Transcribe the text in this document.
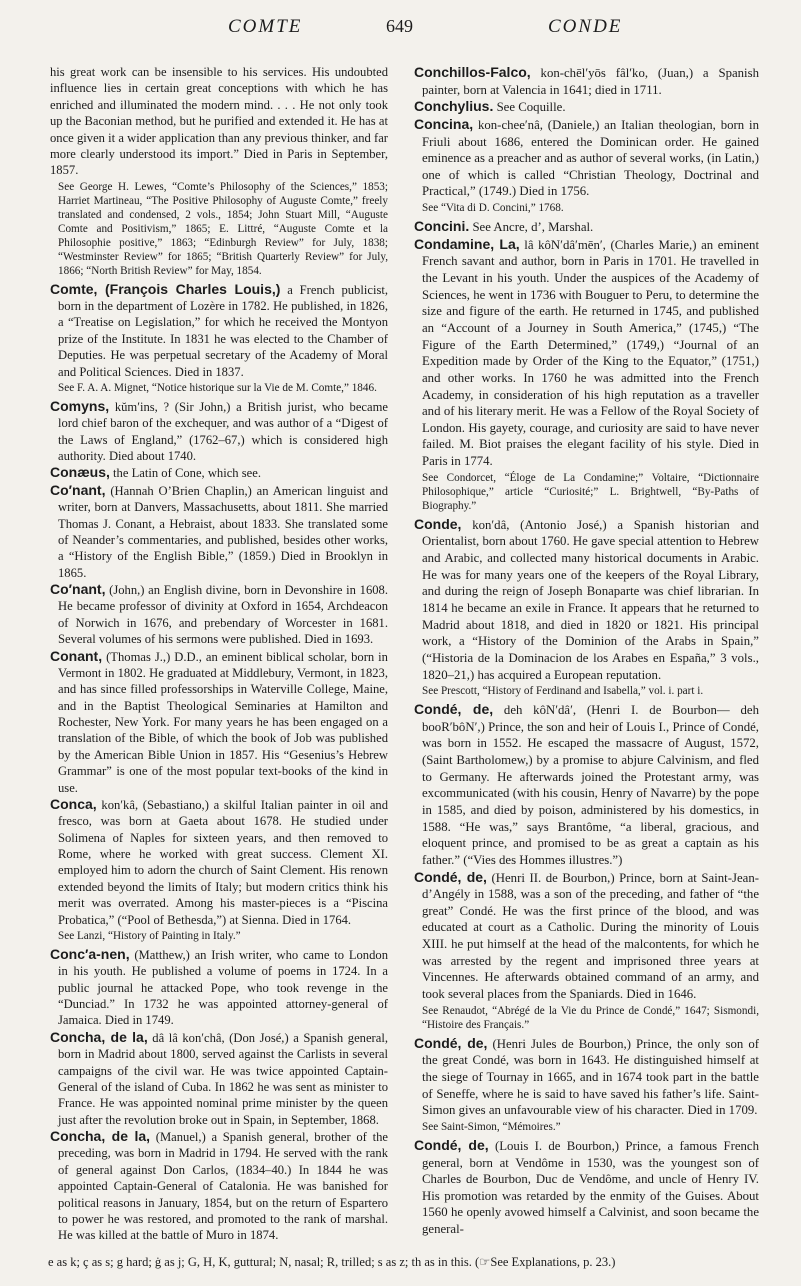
COMTE	649	CONDE

his great work can be insensible to his services. His undoubted influence lies in certain great conceptions with which he has enriched and illuminated the modern mind. . . . He not only took up the Baconian method, but he purified and extended it. He has at once given it a wider application than any previous thinker, and far more clearly understood its import.” Died in Paris in September, 1857.

See George H. Lewes, “Comte’s Philosophy of the Sciences,” 1853; Harriet Martineau, “The Positive Philosophy of Auguste Comte,” freely translated and condensed, 2 vols., 1854; John Stuart Mill, “Auguste Comte and Positivism,” 1865; E. Littré, “Auguste Comte et la Philosophie positive,” 1863; “Edinburgh Review” for July, 1838; “Westminster Review” for 1865; “British Quarterly Review” for July, 1866; “North British Review” for May, 1854.

Comte, (François Charles Louis,) a French publicist, born in the department of Lozère in 1782. He published, in 1826, a “Treatise on Legislation,” for which he received the Montyon prize of the Institute. In 1831 he was elected to the Chamber of Deputies. He was perpetual secretary of the Academy of Moral and Political Sciences. Died in 1837.

See F. A. A. Mignet, “Notice historique sur la Vie de M. Comte,” 1846.

Comyns, kŭm′ins, ? (Sir John,) a British jurist, who became lord chief baron of the exchequer, and was author of a “Digest of the Laws of England,” (1762–67,) which is considered high authority. Died about 1740.

Conæus, the Latin of Cone, which see.

Co′nant, (Hannah O’Brien Chaplin,) an American linguist and writer, born at Danvers, Massachusetts, about 1811. She married Thomas J. Conant, a Hebraist, about 1833. She translated some of Neander’s commentaries, and published, besides other works, a “History of the English Bible,” (1859.) Died in Brooklyn in 1865.

Co′nant, (John,) an English divine, born in Devonshire in 1608. He became professor of divinity at Oxford in 1654, Archdeacon of Norwich in 1676, and prebendary of Worcester in 1681. Several volumes of his sermons were published. Died in 1693.

Conant, (Thomas J.,) D.D., an eminent biblical scholar, born in Vermont in 1802. He graduated at Middlebury, Vermont, in 1823, and has since filled professorships in Waterville College, Maine, and in the Baptist Theological Seminaries at Hamilton and Rochester, New York. For many years he has been engaged on a translation of the Bible, of which the book of Job was published by the American Bible Union in 1857. His “Gesenius’s Hebrew Grammar” is one of the most popular text-books of the kind in use.

Conca, kon′kâ, (Sebastiano,) a skilful Italian painter in oil and fresco, was born at Gaeta about 1678. He studied under Solimena of Naples for sixteen years, and then removed to Rome, where he worked with great success. Clement XI. employed him to adorn the church of Saint Clement. His renown extended beyond the limits of Italy; but modern critics think his merit was overrated. Among his master-pieces is a “Piscina Probatica,” (“Pool of Bethesda,”) at Sienna. Died in 1764.

See Lanzi, “History of Painting in Italy.”

Conc′a-nen, (Matthew,) an Irish writer, who came to London in his youth. He published a volume of poems in 1724. In a public journal he attacked Pope, who took revenge in the “Dunciad.” In 1732 he was appointed attorney-general of Jamaica. Died in 1749.

Concha, de la, dâ lâ kon′châ, (Don José,) a Spanish general, born in Madrid about 1800, served against the Carlists in several campaigns of the civil war. He was twice appointed Captain-General of the island of Cuba. In 1862 he was sent as minister to France. He was appointed nominal prime minister by the queen just after the revolution broke out in Spain, in September, 1868.

Concha, de la, (Manuel,) a Spanish general, brother of the preceding, was born in Madrid in 1794. He served with the rank of general against Don Carlos, (1834–40.) In 1844 he was appointed Captain-General of Catalonia. He was banished for political reasons in January, 1854, but on the return of Espartero to power he was restored, and promoted to the rank of marshal. He was killed at the battle of Muro in 1874.

Conchillos-Falco, kon-chēl′yōs fâl′ko, (Juan,) a Spanish painter, born at Valencia in 1641; died in 1711.

Conchylius. See Coquille.

Concina, kon-chee′nâ, (Daniele,) an Italian theologian, born in Friuli about 1686, entered the Dominican order. He gained eminence as a preacher and as author of several works, (in Latin,) one of which is called “Christian Theology, Doctrinal and Practical,” (1749.) Died in 1756.

See “Vita di D. Concini,” 1768.

Concini. See Ancre, d’, Marshal.

Condamine, La, lâ kôN′dâ′mēn′, (Charles Marie,) an eminent French savant and author, born in Paris in 1701. He travelled in the Levant in his youth. Under the auspices of the Academy of Sciences, he went in 1736 with Bouguer to Peru, to determine the size and figure of the earth. He returned in 1745, and published an “Account of a Journey in South America,” (1745,) “The Figure of the Earth Determined,” (1749,) “Journal of an Expedition made by Order of the King to the Equator,” (1751,) and other works. In 1760 he was admitted into the French Academy, in consideration of his high reputation as a traveller and of his literary merit. He was a Fellow of the Royal Society of London. His gayety, courage, and curiosity are said to have never failed. M. Biot praises the elegant facility of his style. Died in Paris in 1774.

See Condorcet, “Éloge de La Condamine;” Voltaire, “Dictionnaire Philosophique,” article “Curiosité;” L. Brightwell, “By-Paths of Biography.”

Conde, kon′dâ, (Antonio José,) a Spanish historian and Orientalist, born about 1760. He gave special attention to Hebrew and Arabic, and collected many historical documents in Arabic. He was for many years one of the keepers of the Royal Library, and during the reign of Joseph Bonaparte was chief librarian. In 1814 he became an exile in France. It appears that he returned to Madrid about 1818, and died in 1820 or 1821. His principal work, a “History of the Dominion of the Arabs in Spain,” (“Historia de la Dominacion de los Arabes en España,” 3 vols., 1820–21,) has acquired a European reputation.

See Prescott, “History of Ferdinand and Isabella,” vol. i. part i.

Condé, de, deh kôN′dâ′, (Henri I. de Bourbon— deh booR′bôN′,) Prince, the son and heir of Louis I., Prince of Condé, was born in 1552. He escaped the massacre of August, 1572, (Saint Bartholomew,) by a promise to abjure Calvinism, and fled to Germany. He afterwards joined the Protestant army, was excommunicated (with his cousin, Henry of Navarre) by the pope in 1585, and died by poison, administered by his domestics, in 1588. “He was,” says Brantôme, “a liberal, gracious, and eloquent prince, and promised to be as great a captain as his father.” (“Vies des Hommes illustres.”)

Condé, de, (Henri II. de Bourbon,) Prince, born at Saint-Jean-d’Angély in 1588, was a son of the preceding, and father of “the great” Condé. He was the first prince of the blood, and was educated at court as a Catholic. During the minority of Louis XIII. he put himself at the head of the malcontents, for which he was arrested by the regent and imprisoned three years at Vincennes. He afterwards obtained command of an army, and took several places from the Spaniards. Died in 1646.

See Renaudot, “Abrégé de la Vie du Prince de Condé,” 1647; Sismondi, “Histoire des Français.”

Condé, de, (Henri Jules de Bourbon,) Prince, the only son of the great Condé, was born in 1643. He distinguished himself at the siege of Tournay in 1665, and in 1674 took part in the battle of Seneffe, where he is said to have saved his father’s life. Saint-Simon gives an unfavourable view of his character. Died in 1709.

See Saint-Simon, “Mémoires.”

Condé, de, (Louis I. de Bourbon,) Prince, a famous French general, born at Vendôme in 1530, was the youngest son of Charles de Bourbon, Duc de Vendôme, and uncle of Henry IV. His promotion was retarded by the enmity of the Guises. About 1560 he openly avowed himself a Calvinist, and soon became the general-

e as k; ç as s; g hard; ġ as j; G, H, K, guttural; N, nasal; R, trilled; s as z; th as in this. (☞See Explanations, p. 23.)
